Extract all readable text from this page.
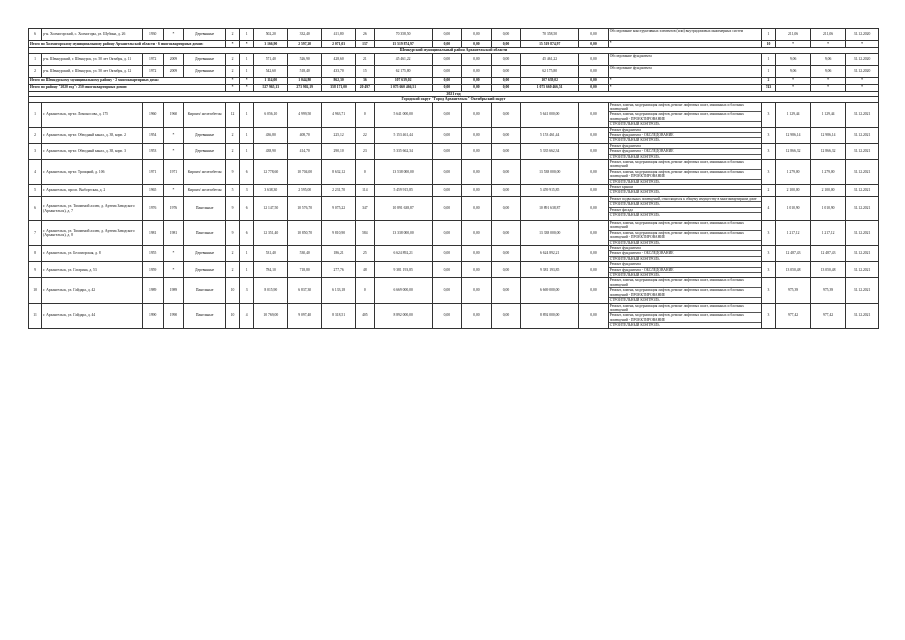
6	р-н. Холмогорский, с. Холмогоры, ул. Шубина, д. 26	1930	*	Деревянные	2	1	502,20	332,40	411,80	26	70 358,50	0,00	0,00	0,00	70 358,50	0,00	Обследование конструктивных элементов (или) внутридомовых инженерных систем	1	211,06	211,06	31.12.2020
Итого по Холмогорскому муниципальному району Архангельской области - 6 многоквартирных домов:					*	*	3 166,90	2 597,20	2 071,03	137	15 519 874,97	0,00	0,00	0,00	15 519 874,97	0,00	*	10	*	*	*
Шенкурский муниципальный район Архангельской области																					
1	р-н. Шенкурский, г. Шенкурск, ул. 50 лет Октября, д. 11	1972	2009	Деревянные	2	1	571,40	526,90	428,60	21	45 461,22	0,00	0,00	0,00	45 461,22	0,00	Обследование фундамента	1	9,06	9,06	31.12.2020
2	р-н. Шенкурский, г. Шенкурск, ул. 50 лет Октября, д. 12	1972	2009	Деревянные	2	1	542,60	518,40	433,70	15	62 175,80	0,00	0,00	0,00	62 175,80	0,00	Обследование фундамента	1	9,06	9,06	31.12.2020
Итого по Шенкурскому муниципальному району - 2 многоквартирных дома:					*	*	1 114,00	1 044,80	862,30	36	107 639,02	0,00	0,00	0,00	107 639,02	0,00	*	2	*	*	*
Итого по району "2020 год": 250 многоквартирных домов:					*	*	527 965,13	273 902,19	358 171,00	20 497	1 075 660 466,51	0,00	0,00	0,00	1 075 660 466,51	0,00	*	743	*	*	*
2021 год																					
Городской округ "Город Архангельск" Октябрьский округ																					
1	г. Архангельск, пр-кт. Ломоносова, д. 175	1960	1960	Кирпич/ железобетон	12	1	6 056,10	4 999,50	4 963,71	0	5 641 000,00	0,00	0,00	0,00	5 641 000,00	0,00	Ремонт, замена, модернизация лифтов, ремонт лифтовых шахт, машинных и блочных помещений
Ремонт, замена, модернизация лифтов, ремонт лифтовых шахт, машинных и блочных помещений - ПРОЕКТИРОВАНИЕ
СТРОИТЕЛЬНЫЙ КОНТРОЛЬ	3	1 129,44	1 129,44	31.12.2021
2	г. Архангельск, пр-кт. Обводный канал, д. 38, корп. 2	1954	*	Деревянные	2	1	436,80	408,70	225,12	22	5 153 461,44	0,00	0,00	0,00	5 153 461,44	0,00	Ремонт фундамента
Ремонт фундамента - ОБСЛЕДОВАНИЕ
СТРОИТЕЛЬНЫЙ КОНТРОЛЬ	3	12 986,14	12 986,14	31.12.2021
3	г. Архангельск, пр-кт. Обводный канал, д. 38, корп. 3	1953	*	Деревянные	2	1	438,90	414,70	290,10	23	5 335 662,34	0,00	0,00	0,00	5 335 662,34	0,00	Ремонт фундамента
Ремонт фундамента - ОБСЛЕДОВАНИЕ
СТРОИТЕЛЬНЫЙ КОНТРОЛЬ	3	12 866,32	12 866,32	31.12.2021
4	г. Архангельск, пр-кт. Троицкий, д. 106	1971	1971	Кирпич/ железобетон	9	6	12 778,60	10 704,00	8 632,12	0	13 538 000,00	0,00	0,00	0,00	13 538 000,00	0,00	Ремонт, замена, модернизация лифтов, ремонт лифтовых шахт, машинных и блочных помещений
Ремонт, замена, модернизация лифтов, ремонт лифтовых шахт, машинных и блочных помещений - ПРОЕКТИРОВАНИЕ
СТРОИТЕЛЬНЫЙ КОНТРОЛЬ	3	1 279,00	1 279,00	31.12.2021
5	г. Архангельск, просп. Выборгская, д. 2	1965	*	Кирпич/ железобетон	5	3	3 638,30	2 595,00	2 231,70	114	5 459 915,85	0,00	0,00	0,00	5 459 915,85	0,00	Ремонт крыши
СТРОИТЕЛЬНЫЙ КОНТРОЛЬ	2	2 100,00	2 100,00	31.12.2021
6	г. Архангельск, ул. Тимменой аллеи, д. Артема Заводского (Архангельск), д. 7	1976	1976	Панельные	9	6	12 147,50	10 576,70	9 075,22	347	10 891 638,87	0,00	0,00	0,00	10 891 638,87	0,00	Ремонт подвальных помещений, относящихся к общему имуществу в многоквартирном доме
СТРОИТЕЛЬНЫЙ КОНТРОЛЬ
Ремонт фасада
СТРОИТЕЛЬНЫЙ КОНТРОЛЬ	4	1 010,90	1 010,90	31.12.2021
7	г. Архангельск, ул. Тимменой аллеи, д. Артема Заводского (Архангельск), д. 8	1981	1981	Панельные	9	6	12 351,40	10 850,70	9 810,90	584	13 338 000,00	0,00	0,00	0,00	13 338 000,00	0,00	Ремонт, замена, модернизация лифтов, ремонт лифтовых шахт, машинных и блочных помещений
Ремонт, замена, модернизация лифтов, ремонт лифтовых шахт, машинных и блочных помещений - ПРОЕКТИРОВАНИЕ
СТРОИТЕЛЬНЫЙ КОНТРОЛЬ	3	1 217,12	1 217,12	31.12.2021
8	г. Архангельск, ул. Беломорская, д. 8	1955	*	Деревянные	2	1	531,40	530,40	186,21	25	6 624 892,21	0,00	0,00	0,00	6 624 892,21	0,00	Ремонт фундамента
Ремонт фундамента - ОБСЛЕДОВАНИЕ
СТРОИТЕЛЬНЫЙ КОНТРОЛЬ	3	12 487,43	12 487,43	31.12.2021
9	г. Архангельск, ул. Гагарина, д. 53	1959	*	Деревянные	2	1	784,10	718,80	277,76	48	9 381 193,85	0,00	0,00	0,00	9 381 193,85	0,00	Ремонт фундамента
Ремонт фундамента - ОБСЛЕДОВАНИЕ
СТРОИТЕЛЬНЫЙ КОНТРОЛЬ	3	13 050,48	13 050,48	31.12.2021
10	г. Архангельск, ул. Гайдара, д. 42	1989	1989	Панельные	10	3	8 015,90	6 837,30	6 133,18	0	6 669 000,00	0,00	0,00	0,00	6 669 000,00	0,00	Ремонт, замена, модернизация лифтов, ремонт лифтовых шахт, машинных и блочных помещений
Ремонт, замена, модернизация лифтов, ремонт лифтовых шахт, машинных и блочных помещений - ПРОЕКТИРОВАНИЕ
СТРОИТЕЛЬНЫЙ КОНТРОЛЬ	3	975,39	975,39	31.12.2021
11	г. Архангельск, ул. Гайдара, д. 44	1990	1990	Панельные	10	4	10 769,00	9 097,40	8 318,51	405	8 892 000,00	0,00	0,00	0,00	8 892 000,00	0,00	Ремонт, замена, модернизация лифтов, ремонт лифтовых шахт, машинных и блочных помещений
Ремонт, замена, модернизация лифтов, ремонт лифтовых шахт, машинных и блочных помещений - ПРОЕКТИРОВАНИЕ
СТРОИТЕЛЬНЫЙ КОНТРОЛЬ	3	977,42	977,42	31.12.2021
